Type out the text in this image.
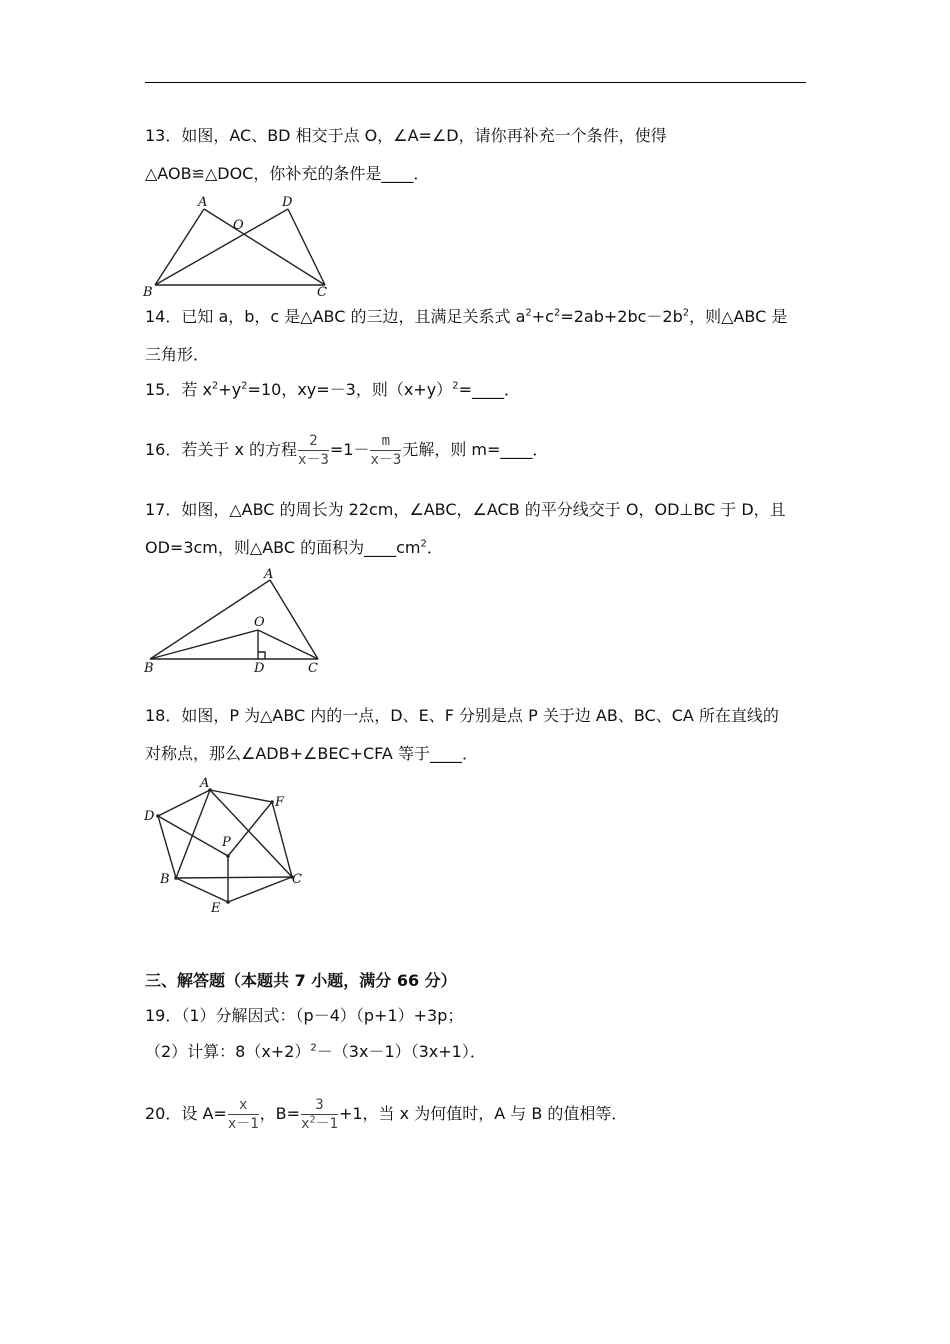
13．如图，AC、BD 相交于点 O，∠A=∠D，请你再补充一个条件，使得
△AOB≌△DOC，你补充的条件是____．
A	D
O
B	C
14．已知 a，b，c 是△ABC 的三边，且满足关系式 $a^2+c^2=2ab+2bc-2b^2$，则△ABC 是
三角形．
15．若 $x^2+y^2=10$，xy=－3，则$(x+y)^2=\_\_\_\_$．
16．若关于 x 的方程 $\frac{2}{x-3} =1- \frac{m}{x-3}$ 无解，则 m=____．
17．如图，△ABC 的周长为 22cm，∠ABC，∠ACB 的平分线交于 O，OD⊥BC 于 D，且
OD=3cm，则△ABC 的面积为$\_\_\_\_cm^2$．
A
O
B	D	C
18．如图，P 为△ABC 内的一点，D、E、F 分别是点 P 关于边 AB、BC、CA 所在直线的
对称点，那么∠ADB+∠BEC+CFA 等于____．
A
D
F
P
B	C
E
三、解答题（本题共 7 小题，满分 66 分）
19．（1）分解因式：（p－4）（p+1）+3p；
（2）计算：$8(x+2)^2-(3x-1)(3x+1)$．
20．设 $A= \frac{x}{x-1}$ ，$B= \frac{3}{x^2-1} +1$，当 x 为何值时，A 与 B 的值相等．
